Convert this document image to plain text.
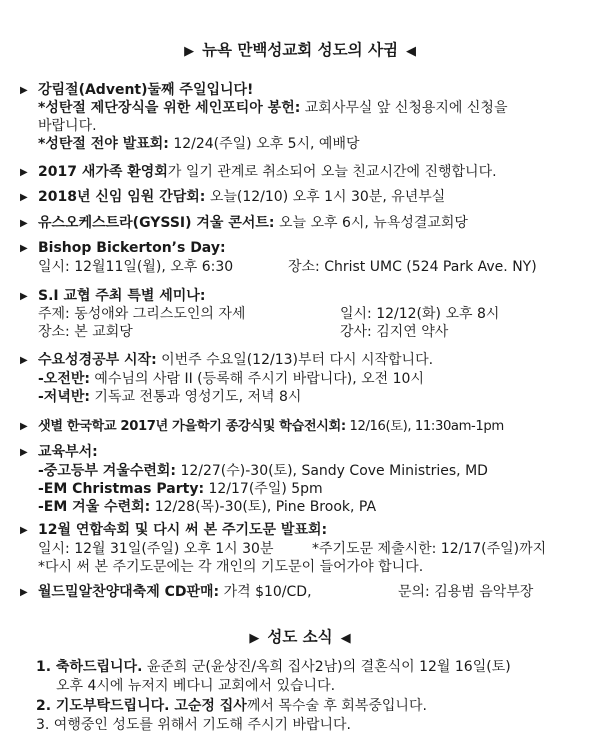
▶ 뉴욕 만백성교회 성도의 사귐 ◀
▶ 강림절(Advent)둘째 주일입니다!
*성탄절 제단장식을 위한 세인포티아 봉헌: 교회사무실 앞 신청용지에 신청을
바랍니다.
*성탄절 전야 발표회: 12/24(주일) 오후 5시, 예배당
▶ 2017 새가족 환영회가 일기 관계로 취소되어 오늘 친교시간에 진행합니다.
▶ 2018년 신임 임원 간담회: 오늘(12/10) 오후 1시 30분, 유년부실
▶ 유스오케스트라(GYSSI) 겨울 콘서트: 오늘 오후 6시, 뉴욕성결교회당
▶ Bishop Bickerton’s Day:
일시: 12월11일(월), 오후 6:30	장소: Christ UMC (524 Park Ave. NY)
▶ S.I 교협 주최 특별 세미나:
주제: 동성애와 그리스도인의 자세	일시: 12/12(화) 오후 8시
장소: 본 교회당	강사: 김지연 약사
▶ 수요성경공부 시작: 이번주 수요일(12/13)부터 다시 시작합니다.
-오전반: 예수님의 사람 II (등록해 주시기 바랍니다), 오전 10시
-저녁반: 기독교 전통과 영성기도, 저녁 8시
▶ 샛별 한국학교 2017년 가을학기 종강식및 학습전시회: 12/16(토), 11:30am-1pm
▶ 교육부서:
-중고등부 겨울수련회: 12/27(수)-30(토), Sandy Cove Ministries, MD
-EM Christmas Party: 12/17(주일) 5pm
-EM 겨울 수련회: 12/28(목)-30(토), Pine Brook, PA
▶ 12월 연합속회 및 다시 써 본 주기도문 발표회:
일시: 12월 31일(주일) 오후 1시 30분	*주기도문 제출시한: 12/17(주일)까지
*다시 써 본 주기도문에는 각 개인의 기도문이 들어가야 합니다.
▶ 월드밀알찬양대축제 CD판매: 가격 $10/CD,	문의: 김용범 음악부장
▶ 성도 소식 ◀
1. 축하드립니다. 윤준희 군(윤상진/옥희 집사2남)의 결혼식이 12월 16일(토)
오후 4시에 뉴저지 베다니 교회에서 있습니다.
2. 기도부탁드립니다. 고순정 집사께서 목수술 후 회복중입니다.
3. 여행중인 성도를 위해서 기도해 주시기 바랍니다.
